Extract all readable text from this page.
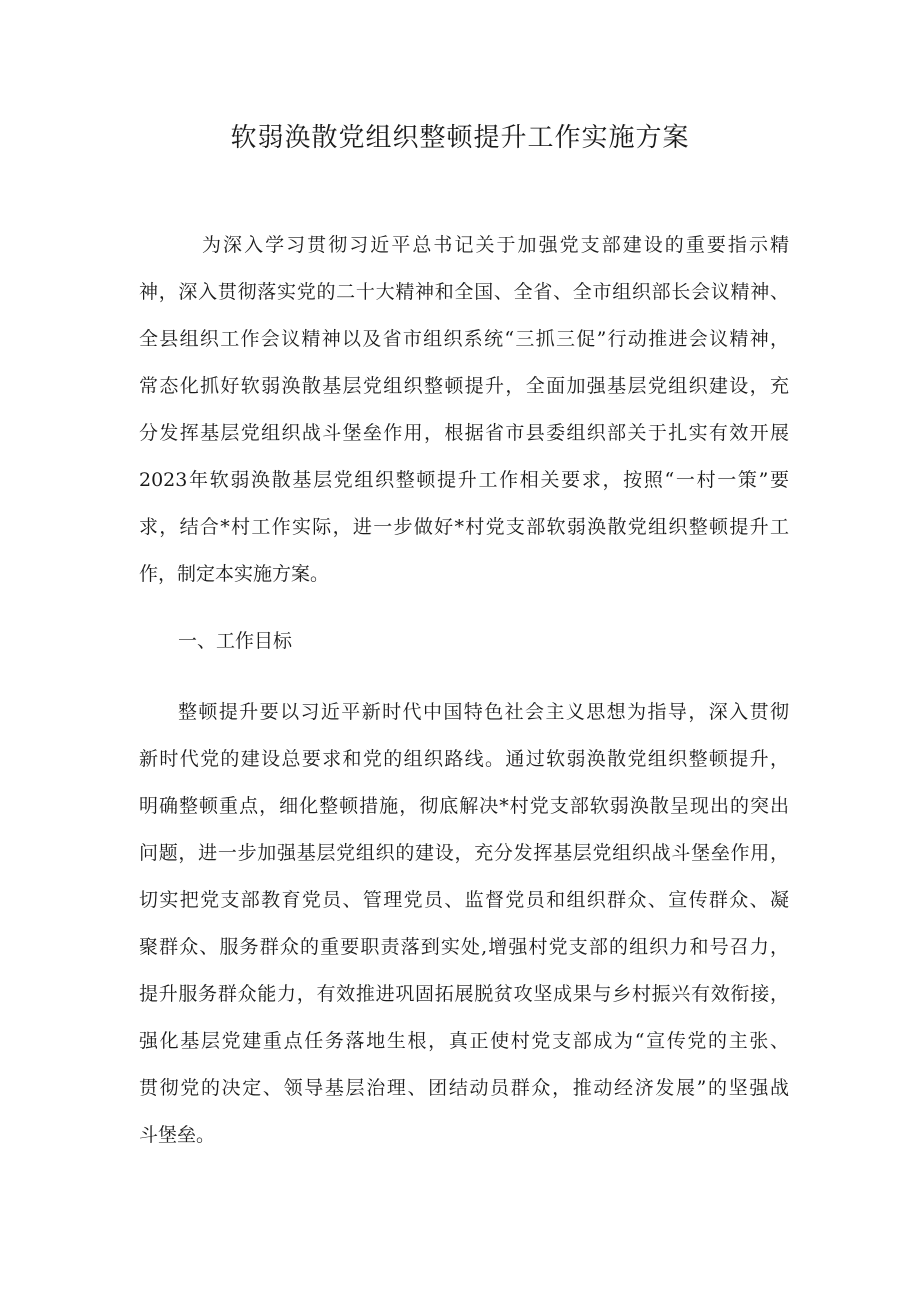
软弱涣散党组织整顿提升工作实施方案
为深入学习贯彻习近平总书记关于加强党支部建设的重要指示精
神，深入贯彻落实党的二十大精神和全国、全省、全市组织部长会议精神、
全县组织工作会议精神以及省市组织系统“三抓三促”行动推进会议精神，
常态化抓好软弱涣散基层党组织整顿提升，全面加强基层党组织建设，充
分发挥基层党组织战斗堡垒作用，根据省市县委组织部关于扎实有效开展
2023年软弱涣散基层党组织整顿提升工作相关要求，按照“一村一策”要
求，结合*村工作实际，进一步做好*村党支部软弱涣散党组织整顿提升工
作，制定本实施方案。
一、工作目标
整顿提升要以习近平新时代中国特色社会主义思想为指导，深入贯彻
新时代党的建设总要求和党的组织路线。通过软弱涣散党组织整顿提升，
明确整顿重点，细化整顿措施，彻底解决*村党支部软弱涣散呈现出的突出
问题，进一步加强基层党组织的建设，充分发挥基层党组织战斗堡垒作用，
切实把党支部教育党员、管理党员、监督党员和组织群众、宣传群众、凝
聚群众、服务群众的重要职责落到实处,增强村党支部的组织力和号召力，
提升服务群众能力，有效推进巩固拓展脱贫攻坚成果与乡村振兴有效衔接，
强化基层党建重点任务落地生根，真正使村党支部成为“宣传党的主张、
贯彻党的决定、领导基层治理、团结动员群众，推动经济发展”的坚强战
斗堡垒。
